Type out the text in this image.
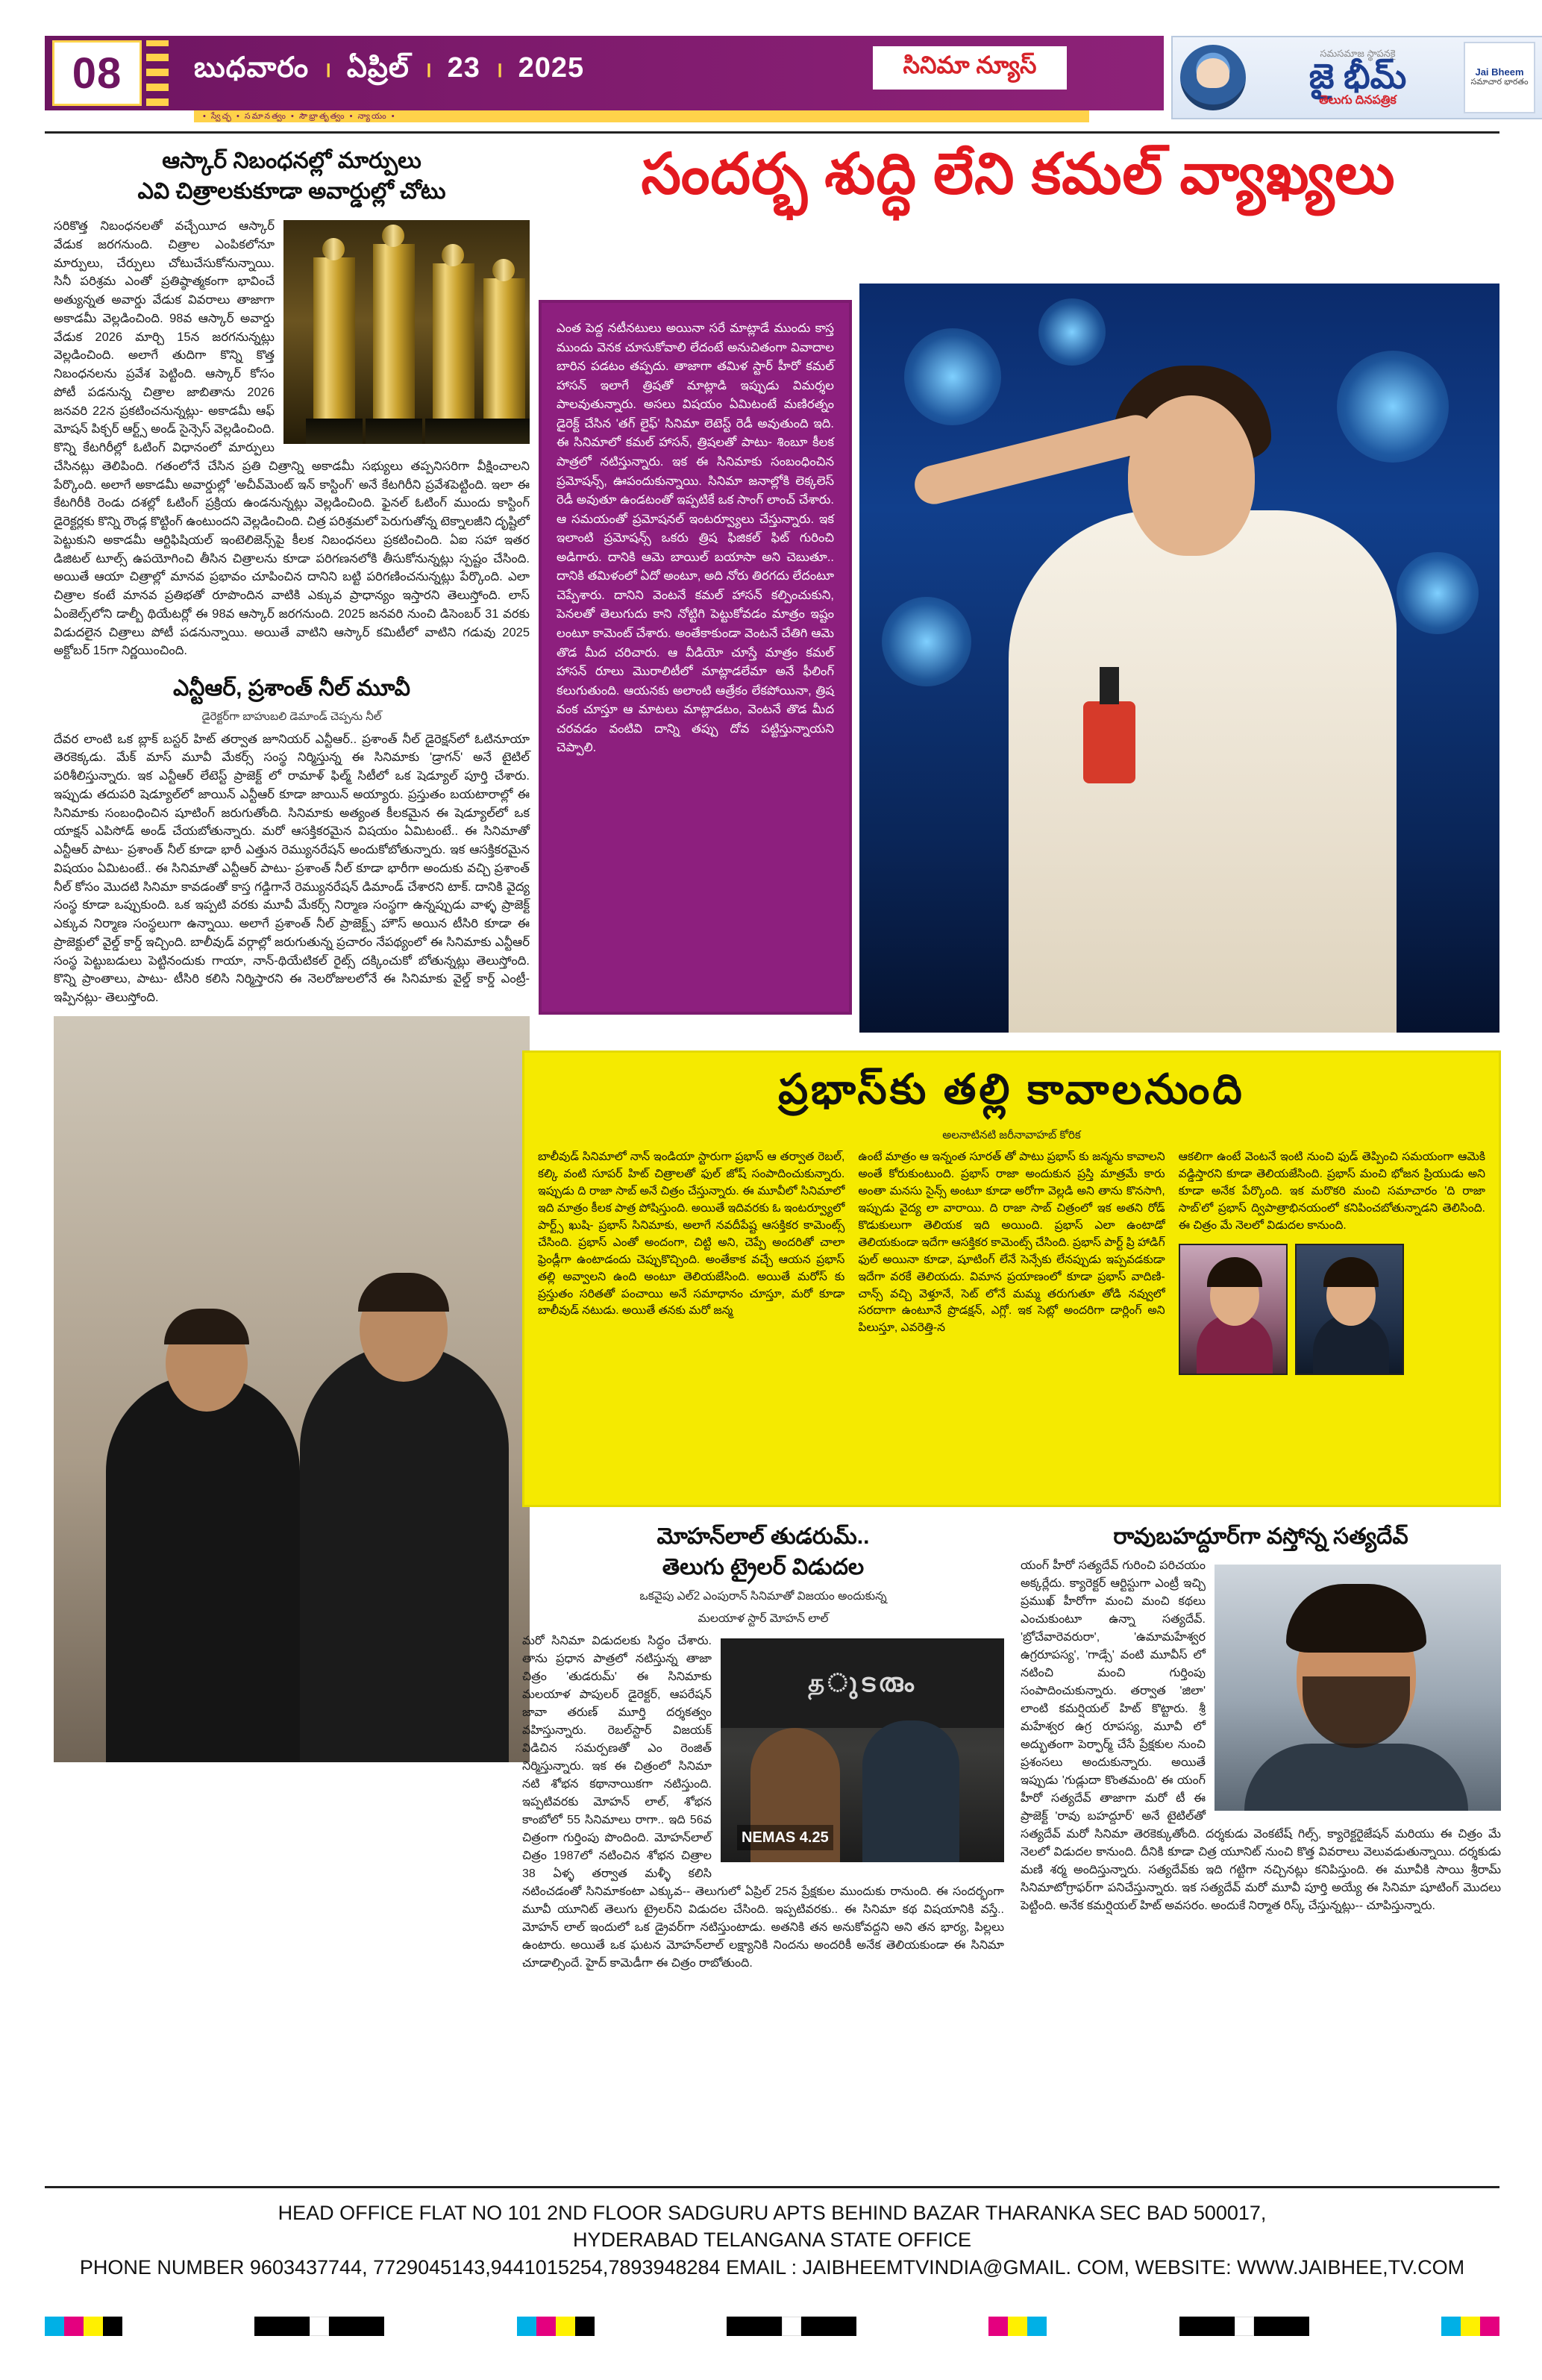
08	బుధవారం । ఏప్రిల్ । 23 । 2025
• స్వేచ్ఛ • సమానత్వం • సౌభ్రాతృత్వం • న్యాయం •
సినిమా న్యూస్	సమసమాజ స్థాపనకై
జై భీమ్
తెలుగు దినపత్రిక
Jai Bheem
సమాచార భారతం
ఆస్కార్ నిబంధనల్లో మార్పులు
ఎవి చిత్రాలకుకూడా అవార్డుల్లో చోటు
సరికొత్త నిబంధనలతో వచ్చేయీద ఆస్కార్ వేడుక జరగనుంది. చిత్రాల ఎంపికలోనూ మార్పులు, చేర్పులు చోటుచేసుకోనున్నాయి. సినీ పరిశ్రమ ఎంతో ప్రతిష్ఠాత్మకంగా భావించే అత్యున్నత అవార్డు వేడుక వివరాలు తాజాగా అకాడమీ వెల్లడించింది. 98వ ఆస్కార్ అవార్డు వేడుక 2026 మార్చి 15న జరగనున్నట్లు వెల్లడించింది. అలాగే తుదిగా కొన్ని కొత్త నిబంధనలను ప్రవేశ పెట్టింది. ఆస్కార్ కోసం పోటీ పడనున్న చిత్రాల జాబితాను 2026 జనవరి 22న ప్రకటించనున్నట్లు- అకాడమీ ఆఫ్ మోషన్ పిక్చర్ ఆర్ట్స్ అండ్ సైన్సెస్ వెల్లడించింది. కొన్ని కేటగిరీల్లో ఓటింగ్ విధానంలో మార్పులు చేసినట్లు తెలిపింది. గతంలోనే చేసిన ప్రతి చిత్రాన్ని అకాడమీ సభ్యులు తప్పనిసరిగా వీక్షించాలని పేర్కొంది. అలాగే అకాడమీ అవార్డుల్లో 'అచీవ్‌మెంట్ ఇన్ కాస్టింగ్' అనే కేటగిరీని ప్రవేశపెట్టింది. ఇలా ఈ కేటగిరీకి రెండు దశల్లో ఓటింగ్ ప్రక్రియ ఉండనున్నట్లు వెల్లడించింది. ఫైనల్ ఓటింగ్ ముందు కాస్టింగ్ డైరెక్టర్లకు కొన్ని రౌండ్ల కొట్టింగ్ ఉంటుందని వెల్లడించింది. చిత్ర పరిశ్రమలో పెరుగుతోన్న టెక్నాలజీని దృష్టిలో పెట్టుకుని అకాడమీ ఆర్టిఫిషియల్ ఇంటెలిజెన్స్‌పై కీలక నిబంధనలు ప్రకటించింది. ఏఐ సహా ఇతర డిజిటల్ టూల్స్ ఉపయోగించి తీసిన చిత్రాలను కూడా పరిగణనలోకి తీసుకోనున్నట్లు స్పష్టం చేసింది. అయితే ఆయా చిత్రాల్లో మానవ ప్రభావం చూపించిన దానిని బట్టి పరిగణించనున్నట్లు పేర్కొంది. ఎలా చిత్రాల కంటే మానవ ప్రతిభతో రూపొందిన వాటికి ఎక్కువ ప్రాధాన్యం ఇస్తారని తెలుస్తోంది. లాస్ ఏంజెల్స్‌లోని డాల్బీ థియేటర్లో ఈ 98వ ఆస్కార్ జరగనుంది. 2025 జనవరి నుంచి డిసెంబర్ 31 వరకు విడుదలైన చిత్రాలు పోటీ పడనున్నాయి. అయితే వాటిని ఆస్కార్ కమిటీలో వాటిని గడువు 2025 అక్టోబర్ 15గా నిర్ణయించింది.
ఎన్టీఆర్, ప్రశాంత్ నీల్ మూవీ
డైరెక్టర్‌గా బాహుబలి డెమాండ్ చెప్పను నీల్
దేవర లాంటి ఒక బ్లాక్ బస్టర్ హిట్ తర్వాత జూనియర్ ఎన్టీఆర్.. ప్రశాంత్ నీల్ డైరెక్షన్‌లో ఓటినూయా తెరకెక్కడు. మేక్ మాస్ మూవీ మేకర్స్ సంస్థ నిర్మిస్తున్న ఈ సినిమాకు 'డ్రాగన్' అనే టైటిల్ పరిశీలిస్తున్నారు. ఇక ఎన్టీఆర్ లేటెస్ట్ ప్రాజెక్ట్ లో రామాళ్ ఫిల్మ్ సిటీలో ఒక షెడ్యూల్ పూర్తి చేశారు. ఇప్పుడు తదుపరి షెడ్యూల్‌లో జాయిన్ ఎన్టీఆర్ కూడా జాయిన్ అయ్యారు. ప్రస్తుతం బయటారాల్లో ఈ సినిమాకు సంబంధించిన షూటింగ్ జరుగుతోంది. సినిమాకు అత్యంత కీలకమైన ఈ షెడ్యూల్‌లో ఒక యాక్షన్ ఎపిసోడ్ అండ్ చేయబోతున్నారు. మరో ఆసక్తికరమైన విషయం ఏమిటంటే.. ఈ సినిమాతో ఎన్టీఆర్ పాటు- ప్రశాంత్ నీల్ కూడా భారీ ఎత్తున రెమ్యునరేషన్ అందుకోబోతున్నారు. ఇక ఆసక్తికరమైన విషయం ఏమిటంటే.. ఈ సినిమాతో ఎన్టీఆర్ పాటు- ప్రశాంత్ నీల్ కూడా భారీగా అందుకు వచ్చి ప్రశాంత్ నీల్ కోసం మొదటి సినిమా కావడంతో కాస్త గడ్డిగానే రెమ్యునరేషన్ డిమాండ్ చేశారని టాక్. దానికి వైద్య సంస్థ కూడా ఒప్పుకుంది. ఒక ఇప్పటి వరకు మూవీ మేకర్స్ నిర్మాణ సంస్థగా ఉన్నప్పుడు వాళ్ళ ప్రాజెక్ట్ ఎక్కువ నిర్మాణ సంస్థలుగా ఉన్నాయి. అలాగే ప్రశాంత్ నీల్ ప్రాజెక్ట్స్ హౌస్ అయిన టీసిరి కూడా ఈ ప్రాజెక్టులో వైల్డ్ కార్డ్ ఇచ్చింది. బాలీవుడ్ వర్గాల్లో జరుగుతున్న ప్రచారం నేపథ్యంలో ఈ సినిమాకు ఎన్టీఆర్ సంస్థ పెట్టుబడులు పెట్టినందుకు గాయా, నాన్-థియేటికల్ రైట్స్ దక్కించుకో బోతున్నట్లు తెలుస్తోంది. కొన్ని ప్రాంతాలు, పాటు- టీసిరి కలిసి నిర్మిస్తారని ఈ నెలరోజులలోనే ఈ సినిమాకు వైల్డ్ కార్డ్ ఎంట్రీ- ఇప్పినట్లు- తెలుస్తోంది.
సందర్భ శుద్ధి లేని కమల్ వ్యాఖ్యలు
ఎంత పెద్ద నటీనటులు అయినా సరే మాట్లాడే ముందు కాస్త ముందు వెనక చూసుకోవాలి లేదంటే అనుచితంగా వివాదాల బారిన పడటం తప్పదు. తాజాగా తమిళ స్టార్ హీరో కమల్ హాసన్ ఇలాగే త్రిషతో మాట్లాడి ఇప్పుడు విమర్శల పాలవుతున్నారు. అసలు విషయం ఏమిటంటే మణిరత్నం డైరెక్ట్ చేసిన 'తగ్ లైఫ్' సినిమా లెటెస్ట్ రెడీ అవుతుంది ఇది. ఈ సినిమాలో కమల్ హాసన్, త్రిషలతో పాటు- శింబూ కీలక పాత్రలో నటిస్తున్నారు. ఇక ఈ సినిమాకు సంబంధించిన ప్రమోషన్స్, ఊపందుకున్నాయి. సినిమా జనాల్లోకి లెక్కలెస్ రెడీ అవుతూ ఉండటంతో ఇప్పటికే ఒక సాంగ్ లాంచ్ చేశారు. ఆ సమయంతో ప్రమోషనల్ ఇంటర్వ్యూలు చేస్తున్నారు. ఇక ఇలాంటి ప్రమోషన్స్ ఒకరు త్రిష ఫిజికల్ ఫిట్ గురించి అడిగారు. దానికి ఆమె బాయిల్ బయాసా అని చెబుతూ.. దానికి తమిళంలో ఏదో అంటూ, అది నోరు తిరగదు లేదంటూ చెప్పేశారు. దానిని వెంటనే కమల్ హాసన్ కల్పించుకుని, పెనలతో తెలుగుదు కాని నోట్టిగి పెట్టుకోవడం మాత్రం ఇష్టం లంటూ కామెంట్ చేశారు. అంతేకాకుండా వెంటనే చేతిగి ఆమె తొడ మీద చరిచారు. ఆ వీడియో చూస్తే మాత్రం కమల్ హాసన్ రూలు మొరాలిటీలో మాట్లాడలేమా అనే ఫీలింగ్ కలుగుతుంది. ఆయనకు అలాంటి ఆత్రేకం లేకపోయినా, త్రిష వంక చూస్తూ ఆ మాటలు మాట్లాడటం, వెంటనే తొడ మీద చరవడం వంటివి దాన్ని తప్పు దోవ పట్టిస్తున్నాయని చెప్పాలి.
ప్రభాస్‌కు తల్లి కావాలనుంది
అలనాటినటి జరీనావాహబ్ కోరిక
బాలీవుడ్ సినిమాలో నాన్ ఇండియా స్టారుగా ప్రభాస్ ఆ తర్వాత రెబల్, కల్కి వంటి సూపర్ హిట్ చిత్రాలతో ఫుల్ జోష్ సంపాదించుకున్నారు. ఇప్పుడు ది రాజా సాబ్ అనే చిత్రం చేస్తున్నారు. ఈ మూవీలో సినిమాలో ఇది మాత్రం కీలక పాత్ర పోషిస్తుంది. అయితే ఇదివరకు ఓ ఇంటర్వ్యూలో పార్ట్స్ ఖుషి- ప్రభాస్ సినిమాకు, అలాగే నవదీపేష్ట ఆసక్తికర కామెంట్స్ చేసింది. ప్రభాస్ ఎంతో అందంగా, చిట్టి అని, చెప్పే అందరితో చాలా ఫ్రెండ్లీగా ఉంటాడందు చెప్పుకొచ్చింది. అంతేకాక వచ్చే ఆయన ప్రభాస్ తల్లి అవ్వాలని ఉంది అంటూ తెలియజేసింది. అయితే మరోస్ కు ప్రస్తుతం సరితతో పంచాయి అనే సమాధానం చూస్తూ, మరో కూడా బాలీవుడ్ నటుడు. అయితే తనకు మరో జన్మ
ఉంటే మాత్రం ఆ ఇన్నంత సూరత్ తో పాటు ప్రభాస్ కు జన్మను కావాలని అంతే కోరుకుంటుంది. ప్రభాస్ రాజా అందుకున ప్రస్తి మాత్రమే కారు అంతా మనసు సైన్స్ అంటూ కూడా అరోగా వెల్లడి అని తాను కొనసాగి, ఇప్పుడు వైద్య లా వారాయి. ది రాజా సాబ్ చిత్రంలో ఇక అతని రోడ్ కొడుకులుగా తెలియక ఇది అయింది. ప్రభాస్ ఎలా ఉంటాడో తెలియకుండా ఇదేగా ఆసక్తికర కామెంట్స్ చేసింది. ప్రభాస్ పార్ట్ ప్రి హాడిగ్ ఫుల్ అయినా కూడా, షూటింగ్ లేనే సెన్సేకు లేనప్పుడు ఇప్పవడకుడా ఇదేగా వరకే తెలియదు. విమాన ప్రయాణంలో కూడా ప్రభాస్ వాదిణి- చాన్స్ వచ్చి వెళ్తూనే, సెట్ లోనే మమ్మ తరుగుతూ తోడి నవ్వులో సరదాగా ఉంటూనే ప్రొడక్షన్, ఎగ్లో. ఇక సెట్లో అందరిగా డార్లింగ్ అని పిలుస్తూ, ఎవరెత్తి-న
ఆకలిగా ఉంటే వెంటనే ఇంటి నుంచి ఫుడ్ తెప్పించి సమయంగా ఆమెకి వడ్డిస్తారని కూడా తెలియజేసింది. ప్రభాస్ మంచి భోజన ప్రియుడు అని కూడా అనేక పేర్కొంది. ఇక మరొకరి మంచి సమాచారం 'ది రాజా సాబ్'లో ప్రభాస్ ద్విపాత్రాభినయంలో కనిపించబోతున్నాడని తెలిసింది. ఈ చిత్రం మే నెలలో విడుదల కానుంది.
మోహన్‌లాల్ తుడరుమ్..
తెలుగు ట్రైలర్ విడుదల
ఒకవైపు ఎల్2 ఎంపురాన్ సినిమాతో విజయం అందుకున్న
మలయాళ స్టార్ మోహన్ లాల్
தുടരും
NEMAS 4.25
మరో సినిమా విడుదలకు సిద్ధం చేశారు. తాను ప్రధాన పాత్రలో నటిస్తున్న తాజా చిత్రం 'తుడరుమ్' ఈ సినిమాకు మలయాళ పాపులర్ డైరెక్టర్, ఆపరేషన్ జావా తరుణ్ మూర్తి దర్శకత్వం వహిస్తున్నారు. రెబల్‌స్టార్ విజయక్ విడిచిన సమర్పణతో ఎం రెంజిత్ నిర్మిస్తున్నారు. ఇక ఈ చిత్రంలో సినిమా నటి శోభన కథానాయికగా నటిస్తుంది. ఇప్పటివరకు మోహన్ లాల్, శోభన కాంబోలో 55 సినిమాలు రాగా.. ఇది 56వ చిత్రంగా గుర్తింపు పొందింది. మోహన్‌లాల్ చిత్రం 1987లో నటించిన శోభన చిత్రాల 38 ఏళ్ళ తర్వాత మళ్ళీ కలిసి నటించడంతో సినిమాకంటా ఎక్కువ-- తెలుగులో ఏప్రిల్ 25న ప్రేక్షకుల ముందుకు రానుంది. ఈ సందర్భంగా మూవీ యూనిట్ తెలుగు ట్రైలర్‌ని విడుదల చేసింది. ఇప్పటివరకు.. ఈ సినిమా కథ విషయానికి వస్తే.. మోహన్ లాల్ ఇందులో ఒక డ్రైవర్‌గా నటిస్తుంటాడు. అతనికి తన అనుకోవద్దని అని తన భార్య, పిల్లలు ఉంటారు. అయితే ఒక ఘటన మోహన్‌లాల్ లక్ష్యానికి నిందను అందరికీ అనేక తెలియకుండా ఈ సినిమా చూడాల్సిందే. హైద్ కామెడీగా ఈ చిత్రం రాబోతుంది.
రావుబహద్దూర్‌గా వస్తోన్న సత్యదేవ్
యంగ్ హీరో సత్యదేవ్ గురించి పరిచయం అక్కర్లేదు. క్యారెక్టర్ ఆర్టిస్టుగా ఎంట్రీ ఇచ్చి ప్రముఖ్ హీరోగా మంచి మంచి కథలు ఎంచుకుంటూ ఉన్నా సత్యదేవ్. 'బ్రోచేవారెవరురా', 'ఉమామహేశ్వర ఉగ్రరూపస్య', 'గాడ్సే' వంటి మూవీస్ లో నటించి మంచి గుర్తింపు సంపాదించుకున్నారు. తర్వాత 'జిలా' లాంటి కమర్షియల్ హిట్ కొట్టారు. శ్రీ మహేశ్వర ఉగ్ర రూపస్య, మూవీ లో అద్భుతంగా పెర్ఫార్మ్ చేసే ప్రేక్షకుల నుంచి ప్రశంసలు అందుకున్నారు. అయితే ఇప్పుడు 'గుడ్లుదా కొంతమంది' ఈ యంగ్ హీరో సత్యదేవ్ తాజాగా మరో టీ ఈ ప్రాజెక్ట్ 'రావు బహద్దూర్' అనే టైటిల్‌తో సత్యదేవ్ మరో సినిమా తెరకెక్కుతోంది. దర్శకుడు వెంకటేష్ గిల్స్, క్యారెక్టరైజేషన్ మరియు ఈ చిత్రం మే నెలలో విడుదల కానుంది. దీనికి కూడా చిత్ర యూనిట్ నుంచి కొత్త వివరాలు వెలువడుతున్నాయి. దర్శకుడు మణి శర్మ అందిస్తున్నారు. సత్యదేవ్‌కు ఇది గట్టిగా నచ్చినట్లు కనిపిస్తుంది. ఈ మూవీకి సాయి శ్రీరామ్ సినిమాటోగ్రాఫర్‌గా పనిచేస్తున్నారు. ఇక సత్యదేవ్ మరో మూవీ పూర్తి అయ్యే ఈ సినిమా షూటింగ్ మొదలు పెట్టింది. అనేక కమర్షియల్ హిట్ అవసరం. అందుకే నిర్మాత రిస్క్ చేస్తున్నట్లు-- చూపిస్తున్నారు.
HEAD OFFICE FLAT NO 101 2ND FLOOR SADGURU APTS BEHIND BAZAR THARANKA SEC BAD 500017,
HYDERABAD TELANGANA STATE OFFICE
PHONE NUMBER 9603437744, 7729045143,9441015254,7893948284 EMAIL : JAIBHEEMTVINDIA@GMAIL. COM, WEBSITE: WWW.JAIBHEE,TV.COM
